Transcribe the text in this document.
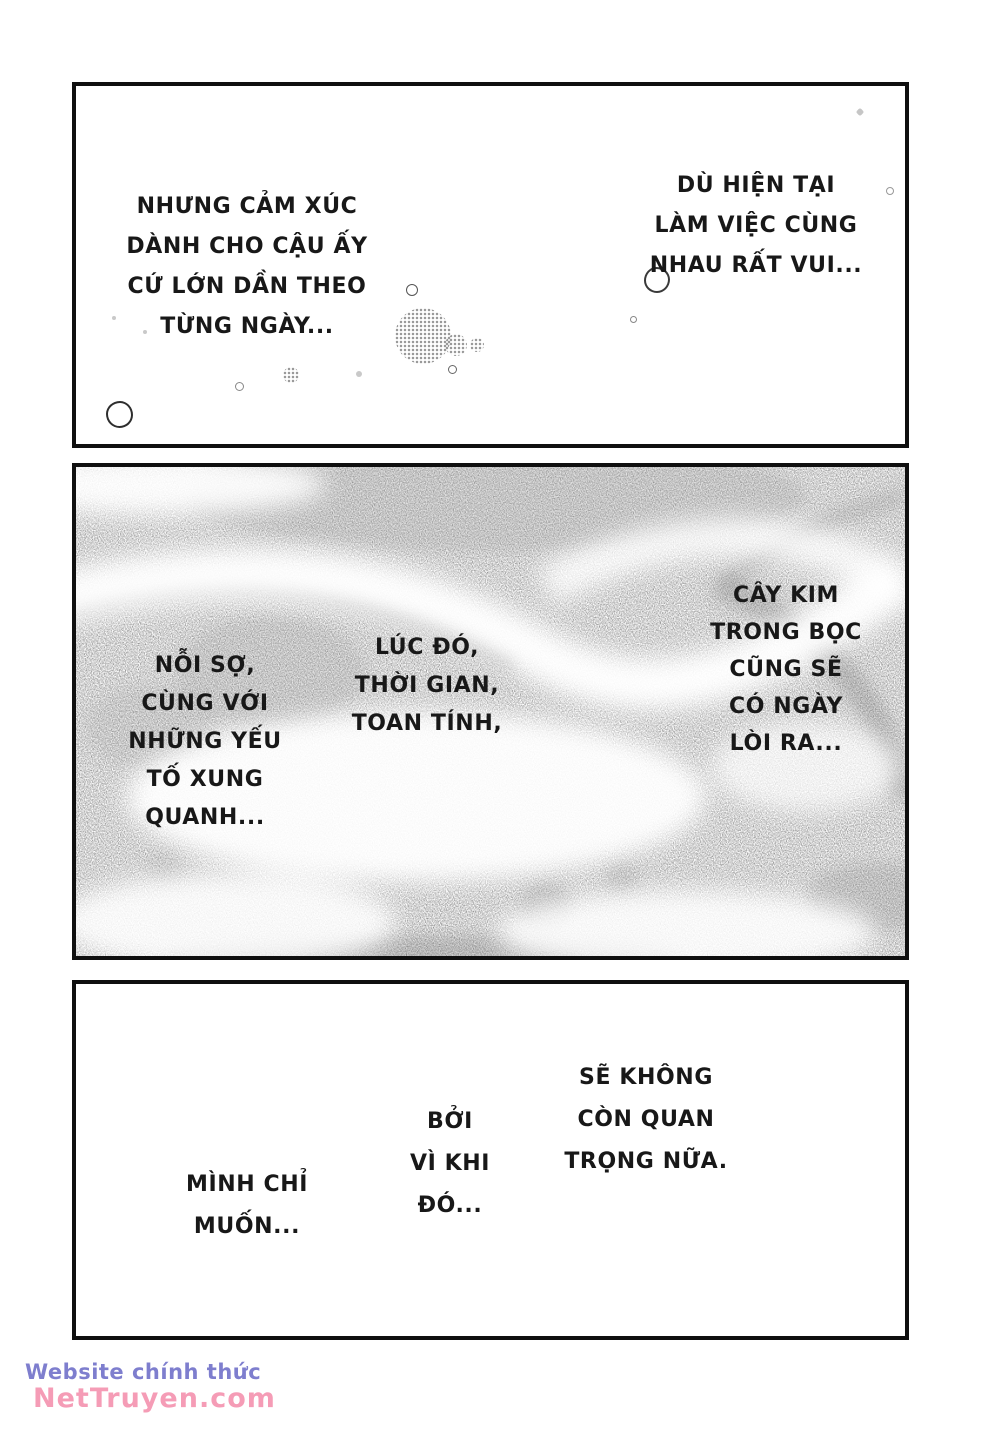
NHƯNG CẢM XÚC
DÀNH CHO CẬU ẤY
CỨ LỚN DẦN THEO
TỪNG NGÀY...
DÙ HIỆN TẠI
LÀM VIỆC CÙNG
NHAU RẤT VUI...
NỖI SỢ,
CÙNG VỚI
NHỮNG YẾU
TỐ XUNG
QUANH...
LÚC ĐÓ,
THỜI GIAN,
TOAN TÍNH,
CÂY KIM
TRONG BỌC
CŨNG SẼ
CÓ NGÀY
LÒI RA...
MÌNH CHỈ
MUỐN...
BỞI
VÌ KHI
ĐÓ...
SẼ KHÔNG
CÒN QUAN
TRỌNG NỮA.
Website chính thức
NetTruyen.com
